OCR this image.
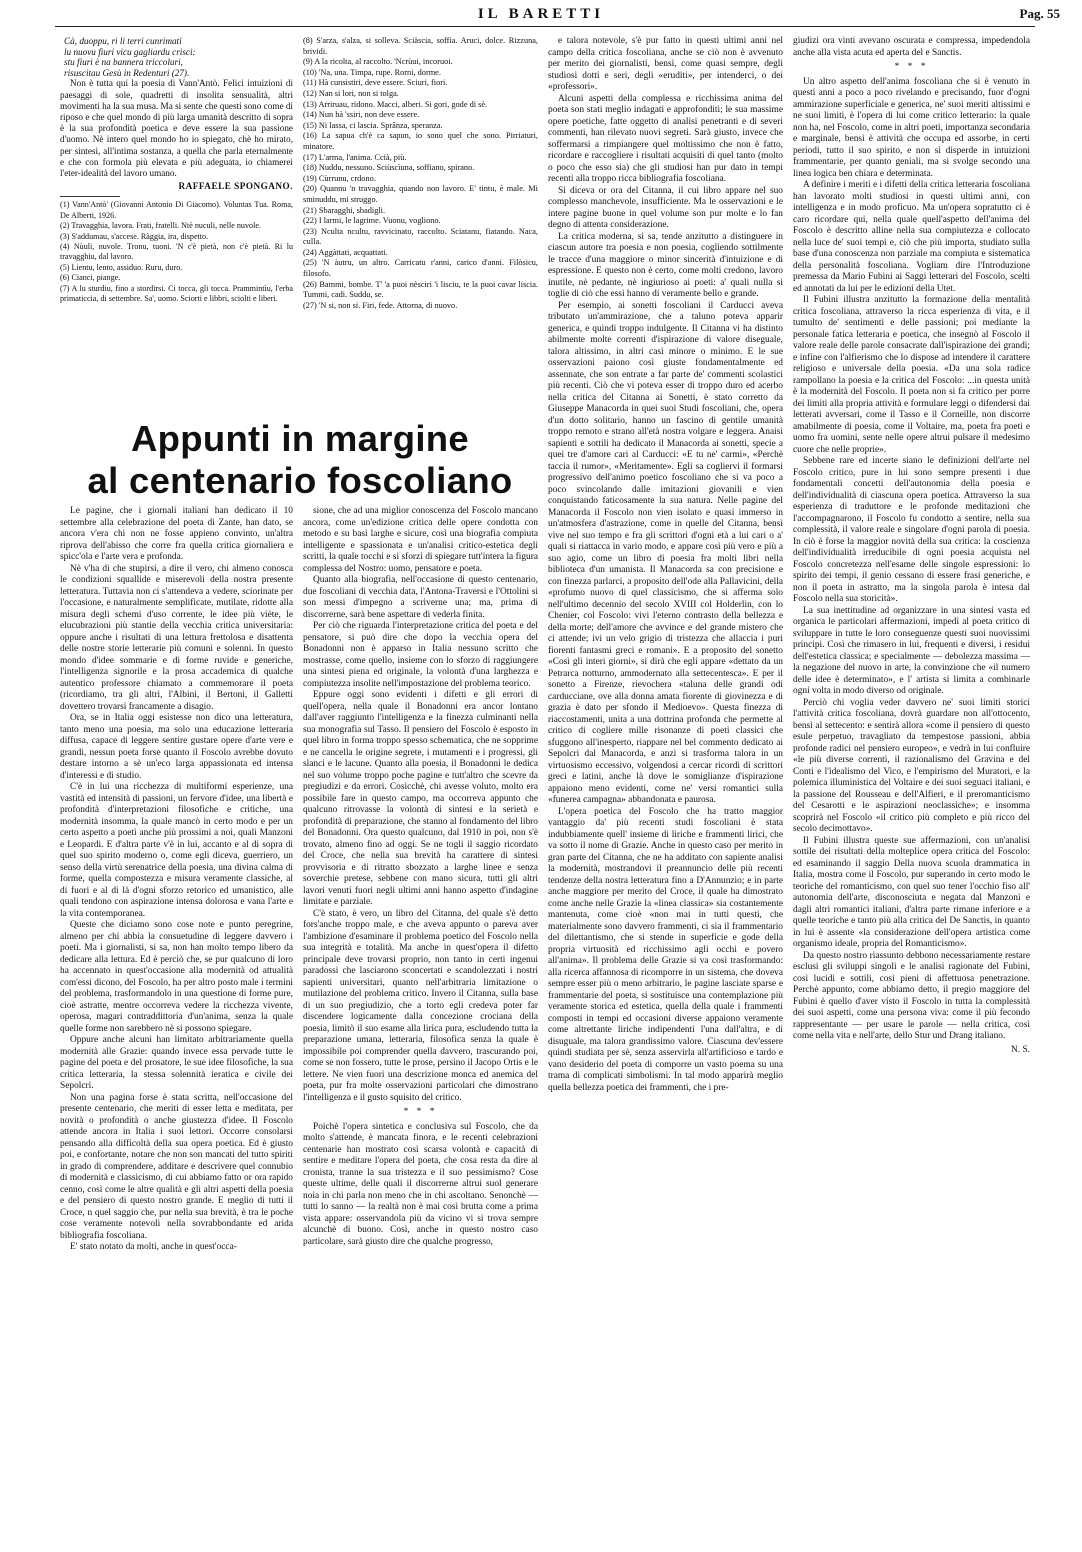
IL BARETTI	Pag. 55
Cà, duoppu, ri li terri cunrimati
lu nuovu fiuri vicu gagliardu crisci:
stu fiuri è na bannera triccoluri,
risuscitau Gesù in Redenturi (27).

Non è tutta qui la poesia di Vann'Antò. Felici intuizioni di paesaggi di sole, quadretti di insolita sensualità, altri movimenti ha la sua musa. Ma si sente che questi sono come di riposo e che quel mondo di più larga umanità descritto di sopra è la sua profondità poetica e deve essere la sua passione d'uomo. Nè intero quel mondo ho io spiegato, chè ho mirato, per sintesi, all'intima sostanza, a quella che parla eternalmente e che con formola più elevata e più adeguata, io chiamerei l'eter-idealità del lavoro umano.

RAFFAELE SPONGANO.
(1) Vann'Antò' (Giovanni Antonio Di Giacomo). Voluntas Tua. Roma, De Alberti, 1926.
(2) Travagghia, lavora. Frati, fratelli. Ntè nuculi, nelle nuvole.
(3) S'addumau, s'accese. Ràggia, ira, dispetto.
(4) Nùuli, nuvole. Tronu, tuoni. 'N c'è pietà, non c'è pietà. Ri lu travagghiu, dal lavoro.
(5) Lientu, lento, assiduo. Ruru, duro.
(6) Cianci, piange.
(7) A lu sturdiu, fino a stordirsi. Ci tocca, gli tocca. Prammintìu, l'erba primaticcia, di settembre. Sa', uomo. Sciorti e libbri, sciolti e liberi.
(8) S'arza, s'alza, si solleva. Sciàscia, soffia. Aruci, dolce. Rizzuna, brividi.
(9) A la ricolta, al raccolto. 'Ncrùui, incoruoi.
(10) 'Na, una. Timpa, rupe. Rorni, dorme.
(11) Hà cunsistiri, deve essere. Sciuri, fiori.
(12) Nan si lori, non si tolga.
(13) Arriruau, ridono. Macci, alberi. Si gori, gode di sè.
(14) Nun hà 'ssiri, non deve essere.
(15) Ni lassa, ci lascia. Sprânza, speranza.
(16) La sapua ch'è ca sapun, io sono quel che sono. Pirriaturi, minatore.
(17) L'arma, l'anima. Ccià, più.
(18) Nuddu, nessuno. Sciùscìuna, soffiano, spirano.
(19) Cùrrunu, crdono.
(20) Quannu 'n travagghia, quando non lavoro. E' tintu, è male. Mi sminuddu, mi struggo.
(21) Sbaragghi, sbadigli.
(22) I larmi, le lagrime. Vuonu, vogliono.
(23) Nculta ncultu, ravvicinato, raccolto. Sciatanu, fiatando. Naca, culla.
(24) Aggàttati, acquattati.
(25) 'N àutru, un altro. Carricatu r'anni, carico d'anni. Filòsicu, filosofo.
(26) Bammi, bombe. T' 'a puoi nèsciri 'i lisciu, te la puoi cavar liscia. Tummi, cadi. Suddu, se.
(27) 'N si, non si. Firi, fede. Attorna, di nuovo.
Appunti in margine
al centenario foscoliano

Le pagine, che i giornali italiani han dedicato il 10 settembre alla celebrazione del poeta di Zante, han dato, se ancora v'era chi non ne fosse appieno convinto, un'altra riprova dell'abisso che corre fra quella critica giornaliera e spicc'ola e l'arte vera e profonda.

Nè v'ha di che stupirsi, a dire il vero, chi almeno conosca le condizioni squallide e miserevoli della nostra presente letteratura. Tuttavia non ci s'attendeva a vedere, sciorinate per l'occasione, e naturalmente semplificate, mutilate, ridotte alla misura degli schemi d'uso corrente, le idee più viète, le elucubrazioni più stantie della vecchia critica universitaria: oppure anche i risultati di una lettura frettolosa e disattenta delle nostre storie letterarie più comuni e solenni. In questo mondo d'idee sommarie e di forme ruvide e generiche, l'intelligenza signorile e la prosa accademica di qualche autentico professore chiamato a commemorare il poeta (ricordiamo, tra gli altri, l'Albini, il Bertoni, il Galletti dovettero trovarsi francamente a disagio.

Ora, se in Italia oggi esistesse non dico una letteratura, tanto meno una poesia, ma solo una educazione letteraria diffusa, capace di leggere sentire gustare opere d'arte vere e grandi, nessun poeta forse quanto il Foscolo avrebbe dovuto destare intorno a sè un'eco larga appassionata ed intensa d'interessi e di studio.

C'è in lui una ricchezza di multiformi esperienze, una vastità ed intensità di passioni, un fervore d'idee, una libertà e profondità d'interpretazioni filosofiche e critiche, una modernità insomma, la quale mancò in certo modo e per un certo aspetto a poeti anche più prossimi a noi, quali Manzoni e Leopardi. E d'altra parte v'è in lui, accanto e al di sopra di quel suo spirito moderno o, come egli diceva, guerriero, un senso della virtù serenatrice della poesia, una divina calma di forme, quella compostezza e misura veramente classiche, al di fuori e al di là d'ogni sforzo retorico ed umanistico, alle quali tendono con aspirazione intensa dolorosa e vana l'arte e la vita contemporanea.

Queste che diciamo sono cose note e punto peregrine, almeno per chi abbia la consuetudine di leggere davvero i poeti. Ma i giornalisti, si sa, non han molto tempo libero da dedicare alla lettura. Ed è perciò che, se pur qualcuno di loro ha accennato in quest'occasione alla modernità od attualità com'essi dicono, del Foscolo, ha per altro posto male i termini del problema, trasformandolo in una questione di forme pure, cioè astratte, mentre occorreva vedere la ricchezza vivente, operosa, magari contraddittoria d'un'anima, senza la quale quelle forme non sarebbero nè si possono spiegare.

Oppure anche alcuni han limitato arbitrariamente quella modernità alle Grazie: quando invece essa pervade tutte le pagine del poeta e del prosatore, le sue idee filosofiche, la sua critica letteraria, la stessa solennità ieratica e civile dei Sepolcri.

Non una pagina forse è stata scritta, nell'occasione del presente centenario, che meriti di esser letta e meditata, per novità o profondità o anche giustezza d'idee. Il Foscolo attende ancora in Italia i suoi lettori. Occorre consolarsi pensando alla difficoltà della sua opera poetica. Ed è giusto poi, e confortante, notare che non son mancati del tutto spiriti in grado di comprendere, additare e descrivere quel connubio di modernità e classicismo, di cui abbiamo fatto or ora rapido cenno, così come le altre qualità e gli altri aspetti della poesia e del pensiero di questo nostro grande. E meglio di tutti il Croce, n quel saggio che, pur nella sua brevità, è tra le poche cose veramente notevoli nella sovrabbondante ed arida bibliografia foscoliana.

E' stato notato da molti, anche in quest'occa-

sione, che ad una miglior conoscenza del Foscolo mancano ancora, come un'edizione critica delle opere condotta con metodo e su basi larghe e sicure, così una biografia compiuta intelligente e spassionata e un'analisi critico-estetica degli scritti, la quale tocchi e si sforzi di spiegare tutt'intera la figura complessa del Nostro: uomo, pensatore e poeta.

Quanto alla biografia, nell'occasione di questo centenario, due foscoliani di vecchia data, l'Antona-Traversi e l'Ottolini si son messi d'impegno a scriverne una; ma, prima di discorrerne, sarà bene aspettare di vederla finita.

Per ciò che riguarda l'interpretazione critica del poeta e del pensatore, si può dire che dopo la vecchia opera del Bonadonni non è apparso in Italia nessuno scritto che mostrasse, come quello, insieme con lo sforzo di raggiungere una sintesi piena ed originale, la volontà d'una larghezza e compiutezza insolite nell'impostazione del problema teorico.

Eppure oggi sono evidenti i difetti e gli errori di quell'opera, nella quale il Bonadonni era ancor lontano dall'aver raggiunto l'intelligenza e la finezza culminanti nella sua monografia sul Tasso. Il pensiero del Foscolo è esposto in quel libro in forma troppo spesso schematica, che ne sopprime e ne cancella le origine segrete, i mutamenti e i progressi, gli slanci e le lacune. Quanto alla poesia, il Bonadonni le dedica nel suo volume troppo poche pagine e tutt'altro che scevre da pregiudizi e da errori. Cosicchè, chi avesse voluto, molto era possibile fare in questo campo, ma occorreva appunto che qualcuno ritrovasse la volontà di sintesi e la serietà e profondità di preparazione, che stanno al fondamento del libro del Bonadonni. Ora questo qualcuno, dal 1910 in poi, non s'è trovato, almeno fino ad oggi. Se ne togli il saggio ricordato del Croce, che nella sua brevità ha carattere di sintesi provvisoria e di ritratto sbozzato a larghe linee e senza soverchie pretese, sebbene con mano sicura, tutti gli altri lavori venuti fuori negli ultimi anni hanno aspetto d'indagine limitate e parziale.

C'è stato, è vero, un libro del Citanna, del quale s'è detto fors'anche troppo male, e che aveva appunto o pareva aver l'ambizione d'esaminare il problema poetico del Foscolo nella sua integrità e totalità. Ma anche in quest'opera il difetto principale deve trovarsi proprio, non tanto in certi ingenui paradossi che lasciarono sconcertati e scandolezzati i nostri sapienti universitari, quanto nell'arbitraria limitazione o mutilazione del problema critico. Invero il Citanna, sulla base di un suo pregiudizio, che a torto egli credeva poter far discendere logicamente dalla concezione crociana della poesia, limitò il suo esame alla lirica pura, escludendo tutta la preparazione umana, letteraria, filosofica senza la quale è impossibile poi comprender quella davvero, trascurando poi, come se non fossero, tutte le prose, persino il Jacopo Ortis e le lettere. Ne vien fuori una descrizione monca ed anemica del poeta, pur fra molte osservazioni particolari che dimostrano l'intelligenza e il gusto squisito del critico.

* * *

Poichè l'opera sintetica e conclusiva sul Foscolo, che da molto s'attende, è mancata finora, e le recenti celebrazioni centenarie han mostrato così scarsa volontà e capacità di sentire e meditare l'opera del poeta, che cosa resta da dire al cronista, tranne la sua tristezza e il suo pessimismo? Cose queste ultime, delle quali il discorrerne altrui suol generare noia in chi parla non meno che in chi ascoltano. Senonchè — tutti lo sanno — la realtà non è mai così brutta come a prima vista appare: osservandola più da vicino vi si trova sempre alcunchè di buono. Così, anche in questo nostro caso particolare, sarà giusto dire che qualche progresso,

e talora notevole, s'è pur fatto in questi ultimi anni nel campo della critica foscoliana, anche se ciò non è avvenuto per merito dei giornalisti, bensì, come quasi sempre, degli studiosi dotti e seri, degli «eruditi», per intenderci, o dei «professori».

Alcuni aspetti della complessa e ricchissima anima del poeta son stati meglio indagati e approfonditi; le sua massime opere poetiche, fatte oggetto di analisi penetranti e di severi commenti, han rilevato nuovi segreti. Sarà giusto, invece che soffermarsi a rimpiangere quel moltissimo che non è fatto, ricordare e raccogliere i risultati acquisiti di quel tanto (molto o poco che esso sia) che gli studiosi han pur dato in tempi recenti alla troppo ricca bibliografia foscoliana.

Si diceva or ora del Citanna, il cui libro appare nel suo complesso manchevole, insufficiente. Ma le osservazioni e le intere pagine buone in quel volume son pur molte e lo fan degno di attenta considerazione.

La critica moderna, si sa, tende anzitutto a distinguere in ciascun autore tra poesia e non poesia, cogliendo sottilmente le tracce d'una maggiore o minor sincerità d'intuizione e di espressione. E questo non è certo, come molti credono, lavoro inutile, nè pedante, nè ingiurioso ai poeti: a' quali nulla si toglie di ciò che essi hanno di veramente bello e grande.

Per esempio, ai sonetti foscoliani il Carducci aveva tributato un'ammirazione, che a taluno poteva apparir generica, e quindi troppo indulgente. Il Citanna vi ha distinto abilmente molte correnti d'ispirazione di valore diseguale, talora altissimo, in altri casi minore o minimo. E le sue osservazioni paiono così giuste fondamentalmente ed assennate, che son entrate a far parte de' commenti scolastici più recenti. Ciò che vi poteva esser di troppo duro ed acerbo nella critica del Citanna ai Sonetti, è stato corretto da Giuseppe Manacorda in quei suoi Studi foscoliani, che, opera d'un dotto solitario, hanno un fascino di gentile umanità troppo remoto e strano all'età nostra volgare e leggera. Anaisi sapienti e sottili ha dedicato il Manacorda ai sonetti, specie a quei tre d'amore cari al Carducci: «E tu ne' carmi», «Perchè taccia il rumor», «Meritamente». Egli sa cogliervi il formarsi progressivo dell'animo poetico foscoliano che si va poco a poco svincolando dalle imitazioni giovanili e vien conquistando faticosamente la sua natura. Nelle pagine del Manacorda il Foscolo non vien isolato e quasi immerso in un'atmosfera d'astrazione, come in quelle del Citanna, bensì vive nel suo tempo e fra gli scrittori d'ogni età a lui cari o a' quali si riattacca in vario modo, e appare così più vero e più a suo agio, come un libro di poesia fra molti libri nella biblioteca d'un umanista. Il Manacorda sa con precisione e con finezza parlarci, a proposito dell'ode alla Pallavicini, della «profumo nuovo di quel classicismo, che si afferma solo nell'ultimo decennio del secolo XVIII col Holderlin, con lo Chenier, col Foscolo: vivi l'eterno contrasto della bellezza e della morte; dell'amore che avvince e del grande mistero che ci attende; ivi un velo grigio di tristezza che allaccia i puri fiorenti fantasmi greci e romani». E a proposito del sonetto «Così gli interi giorni», si dirà che egli appare «dettato da un Petrarca notturno, ammodernato alla settecentesca». E per il sonetto a Firenze, rievochera «taluna delle grandi odi carducciane, ove alla donna amata fiorente di giovinezza e di grazia è dato per sfondo il Medioevo». Questa finezza di riaccostamenti, unita a una dottrina profonda che permette al critico di cogliere mille risonanze di poeti classici che sfuggono all'inesperto, riappare nel bel commento dedicato ai Sepolcri dal Manacorda, e anzi si trasforma talora in un virtuosismo eccessivo, volgendosi a cercar ricordi di scrittori greci e latini, anche là dove le somiglianze d'ispirazione appaiono meno evidenti, come ne' versi romantici sulla «funerea campagna» abbandonata e paurosa.

L'opera poetica del Foscolo che ha tratto maggior vantaggio da' più recenti studi foscoliani è stata indubbiamente quell' insieme di liriche e frammenti lirici, che va sotto il nome di Grazie. Anche in questo caso per merito in gran parte del Citanna, che ne ha additato con sapiente analisi la modernità, mostrandovi il preannuncio delle più recenti tendenze della nostra letteratura fino a D'Annunzio; e in parte anche maggiore per merito del Croce, il quale ha dimostrato come anche nelle Grazie la «linea classica» sia costantemente mantenuta, come cioè «non mai in tutti questi, che materialmente sono davvero frammenti, ci sia il frammentario del dilettantismo, che si stende in superficie e gode della propria virtuosità ed ricchissimo agli occhi e povero all'anima». Il problema delle Grazie si va così trasformando: alla ricerca affannosa di ricomporre in un sistema, che doveva sempre esser più o meno arbitrario, le pagine lasciate sparse e frammentarie del poeta, si sostituisce una contemplazione più veramente storica ed estetica, quella della quale i frammenti composti in tempi ed occasioni diverse appaiono veramente come altrettante liriche indipendenti l'una dall'altra, e di disuguale, ma talora grandissimo valore. Ciascuna dev'essere quindi studiata per sè, senza asservirla all'artificioso e tardo e vano desiderio del poeta di comporre un vasto poema su una trama di complicati simbolismi. In tal modo apparirà meglio quella bellezza poetica dei frammenti, che i pre-

giudizi ora vinti avevano oscurata e compressa, impedendola anche alla vista acuta ed aperta del e Sanctis.

* * *

Un altro aspetto dell'anima foscoliana che si è venuto in questi anni a poco a poco rivelando e precisando, fuor d'ogni ammirazione superficiale e generica, ne' suoi meriti altissimi e ne suoi limiti, è l'opera di lui come critico letterario: la quale non ha, nel Foscolo, come in altri poeti, importanza secondaria e marginale, bensì è attività che occupa ed assorbe, in certi periodi, tutto il suo spirito, e non si disperde in intuizioni frammentarie, per quanto geniali, ma si svolge secondo una linea logica ben chiara e determinata.

A definire i meriti e i difetti della critica letteraria foscoliana han lavorato molti studiosi in questi ultimi anni, con intelligenza e in modo proficuo. Ma un'opera sopratutto ci è caro ricordare qui, nella quale quell'aspetto dell'anima del Foscolo è descritto alline nella sua compiutezza e collocato nella luce de' suoi tempi e, ciò che più importa, studiato sulla base d'una conoscenza non parziale ma compiuta e sistematica della personalità foscoliana. Vogliam dire l'Introduzione premessa da Mario Fubini ai Saggi letterari del Foscolo, scelti ed annotati da lui per le edizioni della Utet.

Il Fubini illustra anzitutto la formazione della mentalità critica foscoliana, attraverso la ricca esperienza di vita, e il tumulto de' sentimenti e delle passioni; poi mediante la personale fatica letteraria e poetica, che insegnò al Foscolo il valore reale delle parole consacrate dall'ispirazione dei grandi; e infine con l'alfierismo che lo dispose ad intendere il carattere religioso e universale della poesia. «Da una sola radice rampollano la poesia e la critica del Foscolo: ...in questa unità è la modernità del Foscolo. Il poeta non si fa critico per porre dei limiti alla propria attività e formulare leggi o difendersi dai letterati avversari, come il Tasso e il Corneille, non discorre amabilmente di poesia, come il Voltaire, ma, poeta fra poeti e uomo fra uomini, sente nelle opere altrui pulsare il medesimo cuore che nelle proprie».

Sebbene rare ed incerte siano le definizioni dell'arte nel Foscolo critico, pure in lui sono sempre presenti i due fondamentali concetti dell'autonomia della poesia e dell'individualità di ciascuna opera poetica. Attraverso la sua esperienza di traduttore e le profonde meditazioni che l'accompagnarono, il Foscolo fu condotto a sentire, nella sua complessità, il valore reale e singolare d'ogni parola di poesia. In ciò è forse la maggior novità della sua critica: la coscienza dell'individualità irreducibile di ogni poesia acquista nel Foscolo concretezza nell'esame delle singole espressioni: lo spirito dei tempi, il genio cessano di essere frasi generiche, e non il poeta in astratto, ma la singola parola è intesa dal Foscolo nella sua storicità».

La sua inettitudine ad organizzare in una sintesi vasta ed organica le particolari affermazioni, impedì al poeta critico di sviluppare in tutte le loro conseguenze questi suoi nuovissimi principi. Così che rimasero in lui, frequenti e diversi, i residui dell'estetica classica; e specialmente — debolezza massima — la negazione del nuovo in arte, la convinzione che «il numero delle idee è determinato», e l' artista si limita a combinarle ogni volta in modo diverso od originale.

Perciò chi voglia veder davvero ne' suoi limiti storici l'attività critica foscoliana, dovrà guardare non all'ottocento, bensì al settecento: e sentirà allora «come il pensiero di questo esule perpetuo, travagliato da tempestose passioni, abbia profonde radici nel pensiero europeo», e vedrà in lui confluire «le più diverse correnti, il razionalismo del Gravina e del Conti e l'idealismo del Vico, e l'empirismo del Muratori, e la polemica illuministica del Voltaire e dei suoi seguaci italiani, e la passione del Rousseau e dell'Alfieri, e il preromanticismo del Cesarotti e le aspirazioni neoclassiche»; e insomma scoprirà nel Foscolo «il critico più completo e più ricco del secolo decimottavo».

Il Fubini illustra queste sue affermazioni, con un'analisi sottile dei risultati della molteplice opera critica del Foscolo: ed esaminando il saggio Della nuova scuola drammatica in Italia, mostra come il Foscolo, pur superando in certo modo le teoriche del romanticismo, con quel suo tener l'occhio fiso all' autonomia dell'arte, disconosciuta e negata dal Manzoni e dagli altri romantici italiani, d'altra parte rimane inferiore e a quelle teoriche e tanto più alla critica del De Sanctis, in quanto in lui è assente «la considerazione dell'opera artistica come organismo ideale, propria del Romanticismo».

Da questo nostro riassunto debbono necessariamente restare esclusi gli sviluppi singoli e le analisi ragionate del Fubini, così lucidi e sottili, così pieni di affettuosa penetrazione. Perchè appunto, come abbiamo detto, il pregio maggiore del Fubini è quello d'aver visto il Foscolo in tutta la complessità dei suoi aspetti, come una persona viva: come il più fecondo rappresentante — per usare le parole — nella critica, così come nella vita e nell'arte, dello Stur und Drang italiano.

N. S.
